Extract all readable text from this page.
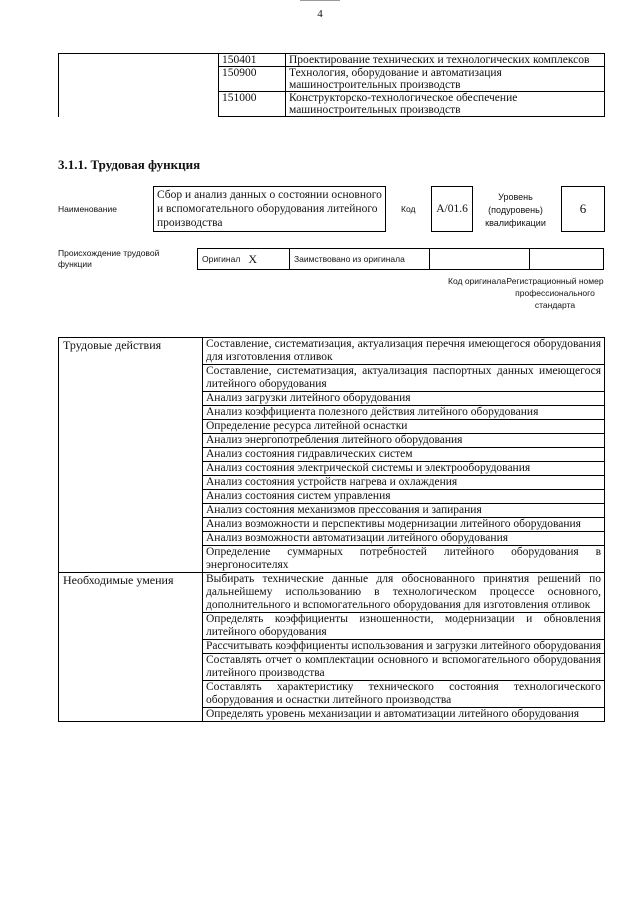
4
	150401	Проектирование технических и технологических комплексов
	150900	Технология, оборудование и автоматизация машиностроительных производств
	151000	Конструкторско-технологическое обеспечение машиностроительных производств
3.1.1. Трудовая функция
Наименование
Сбор и анализ данных о состоянии основного и вспомогательного оборудования литейного производства
Код	A/01.6
Уровень (подуровень) квалификации
6
Происхождение трудовой функции	Оригинал X	Заимствовано из оригинала
Код оригинала Регистрационный номер профессионального стандарта
Трудовые действия	Составление, систематизация, актуализация перечня имеющегося оборудования для изготовления отливок
	Составление, систематизация, актуализация паспортных данных имеющегося литейного оборудования
	Анализ загрузки литейного оборудования
	Анализ коэффициента полезного действия литейного оборудования
	Определение ресурса литейной оснастки
	Анализ энергопотребления литейного оборудования
	Анализ состояния гидравлических систем
	Анализ состояния электрической системы и электрооборудования
	Анализ состояния устройств нагрева и охлаждения
	Анализ состояния систем управления
	Анализ состояния механизмов прессования и запирания
	Анализ возможности и перспективы модернизации литейного оборудования
	Анализ возможности автоматизации литейного оборудования
	Определение суммарных потребностей литейного оборудования в энергоносителях
Необходимые умения	Выбирать технические данные для обоснованного принятия решений по дальнейшему использованию в технологическом процессе основного, дополнительного и вспомогательного оборудования для изготовления отливок
	Определять коэффициенты изношенности, модернизации и обновления литейного оборудования
	Рассчитывать коэффициенты использования и загрузки литейного оборудования
	Составлять отчет о комплектации основного и вспомогательного оборудования литейного производства
	Составлять характеристику технического состояния технологического оборудования и оснастки литейного производства
	Определять уровень механизации и автоматизации литейного оборудования
